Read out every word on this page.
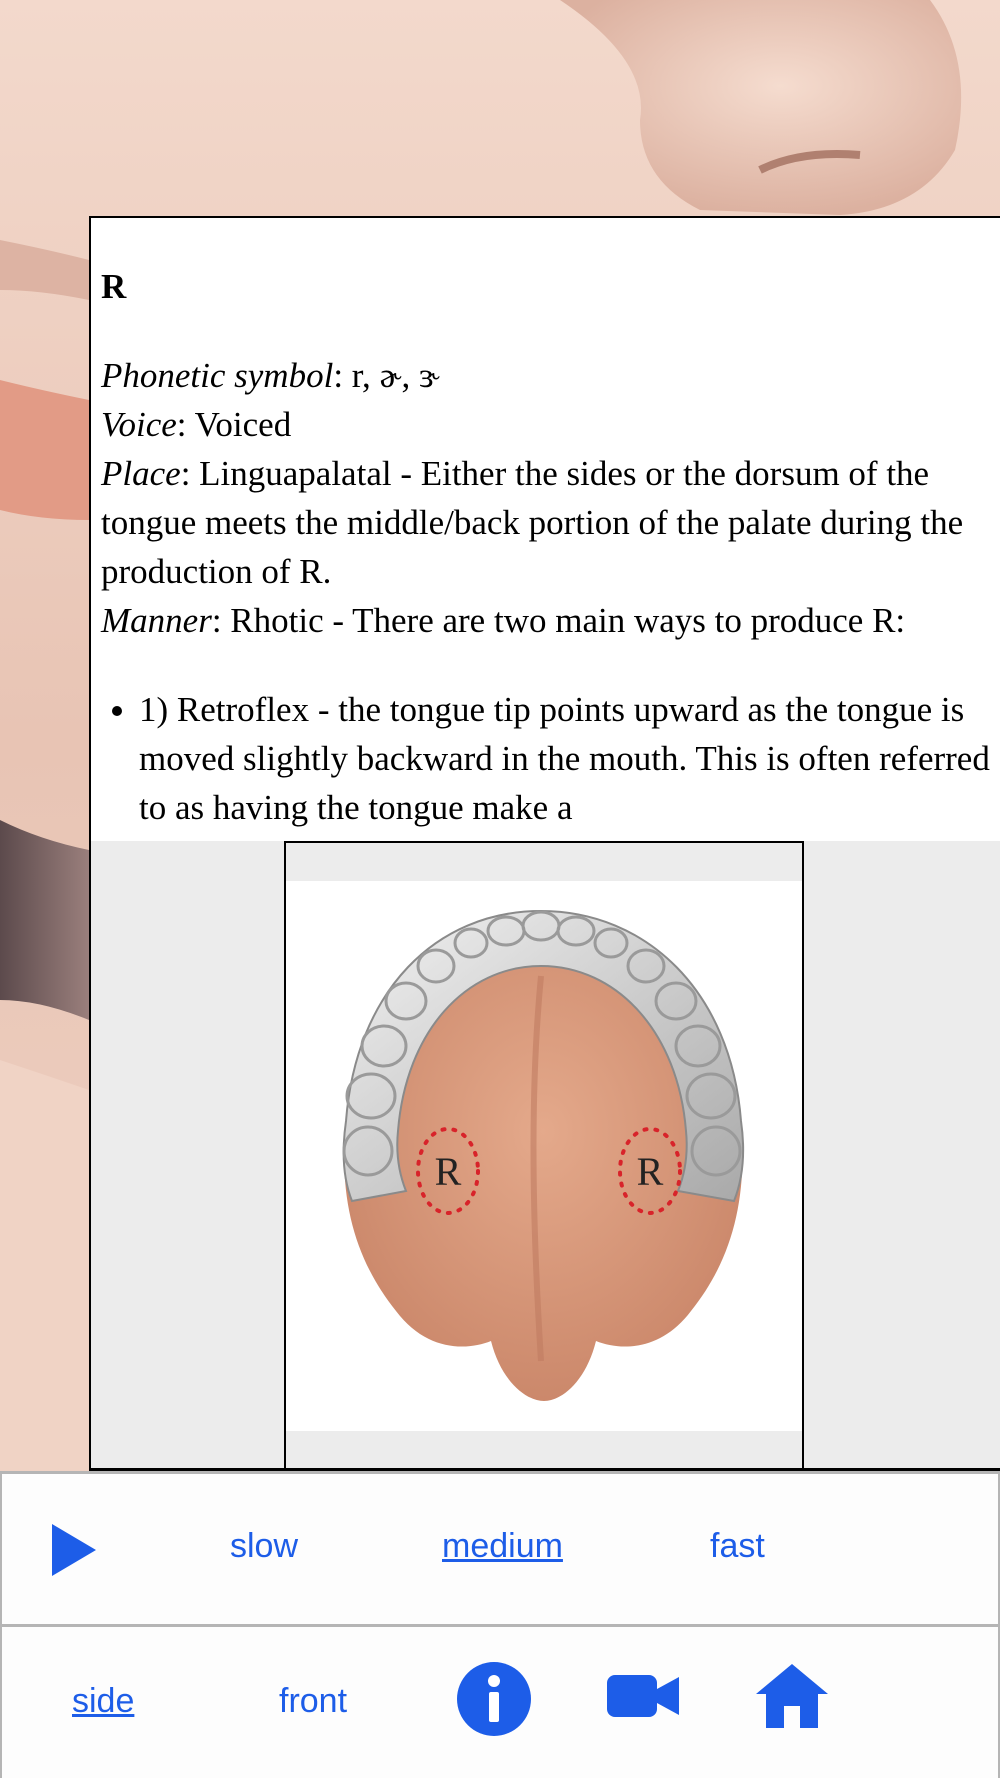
R

Phonetic symbol: r, ɚ, ɝ

Voice: Voiced

Place: Linguapalatal - Either the sides or the dorsum of the tongue meets the middle/back portion of the palate during the production of R.

Manner: Rhotic - There are two main ways to produce R:

• 1) Retroflex - the tongue tip points upward as the tongue is moved slightly backward in the mouth. This is often referred to as having the tongue make a
R	R
slow	medium	fast
side	front
